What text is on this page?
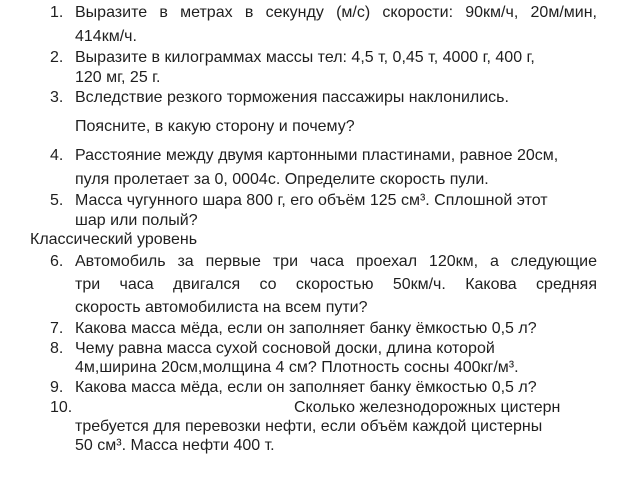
1. Выразите в метрах в секунду (м/с) скорости: 90км/ч, 20м/мин,
414км/ч.
2. Выразите в килограммах массы тел: 4,5 т, 0,45 т, 4000 г, 400 г,
120 мг, 25 г.
3. Вследствие резкого торможения пассажиры наклонились.
Поясните, в какую сторону и почему?
4. Расстояние между двумя картонными пластинами, равное 20см,
пуля пролетает за 0, 0004с. Определите скорость пули.
5. Масса чугунного шара 800 г, его объём 125 см³. Сплошной этот
шар или полый?
Классический уровень
6. Автомобиль за первые три часа проехал 120км, а следующие
три часа двигался со скоростью 50км/ч. Какова средняя
скорость автомобилиста на всем пути?
7. Какова масса мёда, если он заполняет банку ёмкостью 0,5 л?
8. Чему равна масса сухой сосновой доски, длина которой
4м,ширина 20см,молщина 4 см? Плотность сосны 400кг/м³.
9. Какова масса мёда, если он заполняет банку ёмкостью 0,5 л?
10.	Сколько железнодорожных цистерн
требуется для перевозки нефти, если объём каждой цистерны
50 см³. Масса нефти 400 т.
